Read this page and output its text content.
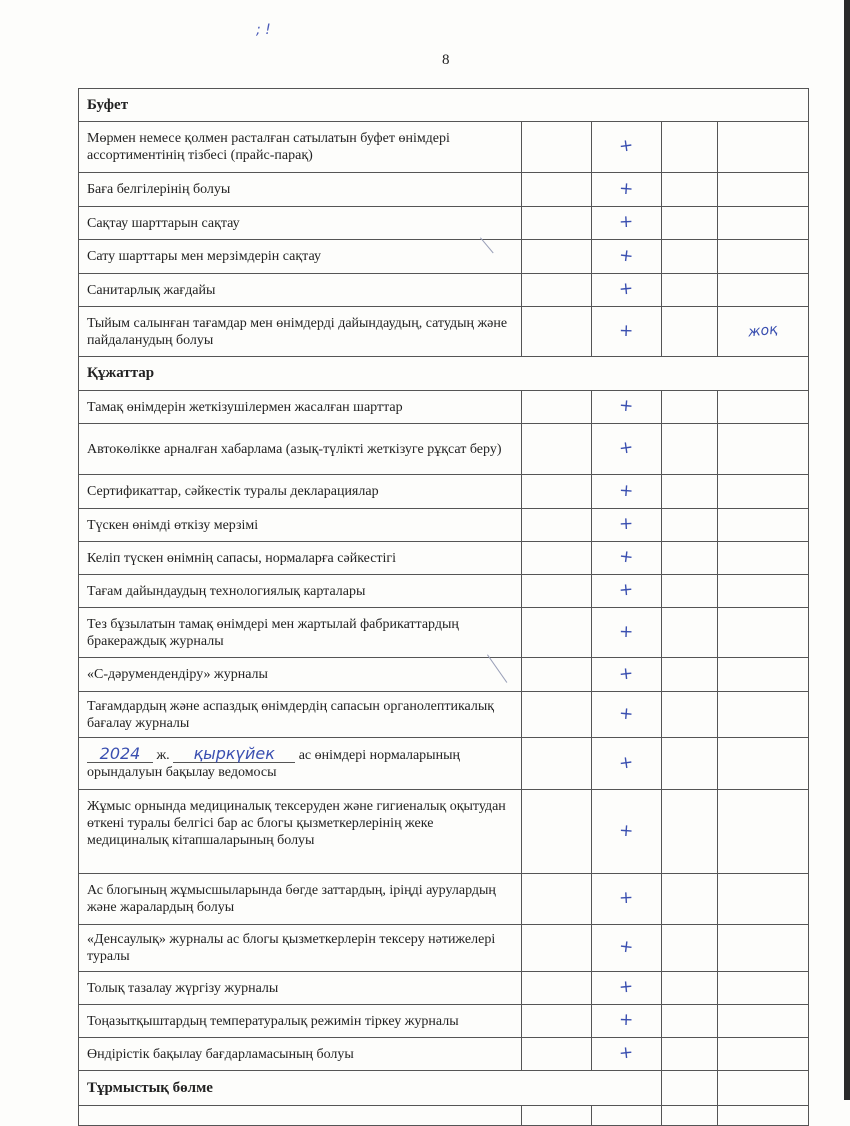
; !
8
Буфет				
Мөрмен немесе қолмен расталған сатылатын буфет өнімдері ассортиментінің тізбесі (прайс-парақ)		+		
Баға белгілерінің болуы		+		
Сақтау шарттарын сақтау		+		
Сату шарттары мен мерзімдерін сақтау		+		
Санитарлық жағдайы		+		
Тыйым салынған тағамдар мен өнімдерді дайындаудың, сатудың және пайдаланудың болуы		+		жоқ
Құжаттар				
Тамақ өнімдерін жеткізушілермен жасалған шарттар		+		
Автокөлікке арналған хабарлама (азық-түлікті жеткізуге рұқсат беру)		+		
Сертификаттар, сәйкестік туралы декларациялар		+		
Түскен өнімді өткізу мерзімі		+		
Келіп түскен өнімнің сапасы, нормаларға сәйкестігі		+		
Тағам дайындаудың технологиялық карталары		+		
Тез бұзылатын тамақ өнімдері мен жартылай фабрикаттардың бракераждық журналы		+		
«С-дәрумендендіру» журналы		+		
Тағамдардың және аспаздық өнімдердің сапасын органолептикалық бағалау журналы		+		
2024 ж. қыркүйек ас өнімдері нормаларының орындалуын бақылау ведомосы		+		
Жұмыс орнында медициналық тексеруден және гигиеналық оқытудан өткені туралы белгісі бар ас блогы қызметкерлерінің жеке медициналық кітапшаларының болуы		+		
Ас блогының жұмысшыларында бөгде заттардың, іріңді аурулардың және жаралардың болуы		+		
«Денсаулық» журналы ас блогы қызметкерлерін тексеру нәтижелері туралы		+		
Толық тазалау жүргізу журналы		+		
Тоңазытқыштардың температуралық режимін тіркеу журналы		+		
Өндірістік бақылау бағдарламасының болуы		+		
Тұрмыстық бөлме				
